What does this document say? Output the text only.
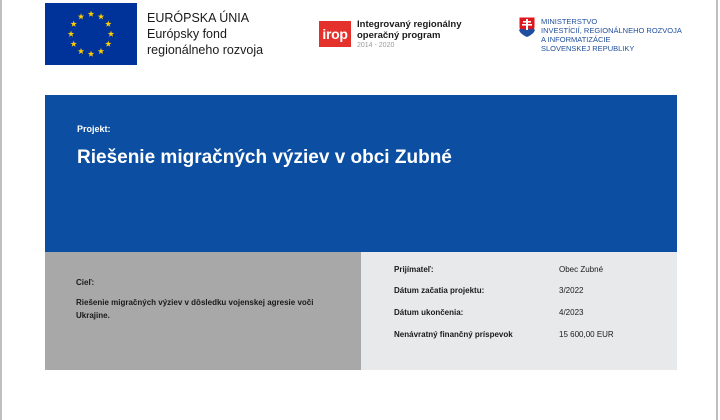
EURÓPSKA ÚNIA
Európsky fond
regionálneho rozvoja
irop
Integrovaný regionálny
operačný program
2014 - 2020
MINISTERSTVO
INVESTÍCIÍ, REGIONÁLNEHO ROZVOJA
A INFORMATIZÁCIE
SLOVENSKEJ REPUBLIKY
Projekt:
Riešenie migračných výziev v obci Zubné
Cieľ:
Riešenie migračných výziev v dôsledku vojenskej agresie voči Ukrajine.
Prijímateľ:	Obec Zubné
Dátum začatia projektu:	3/2022
Dátum ukončenia:	4/2023
Nenávratný finančný príspevok	15 600,00 EUR
